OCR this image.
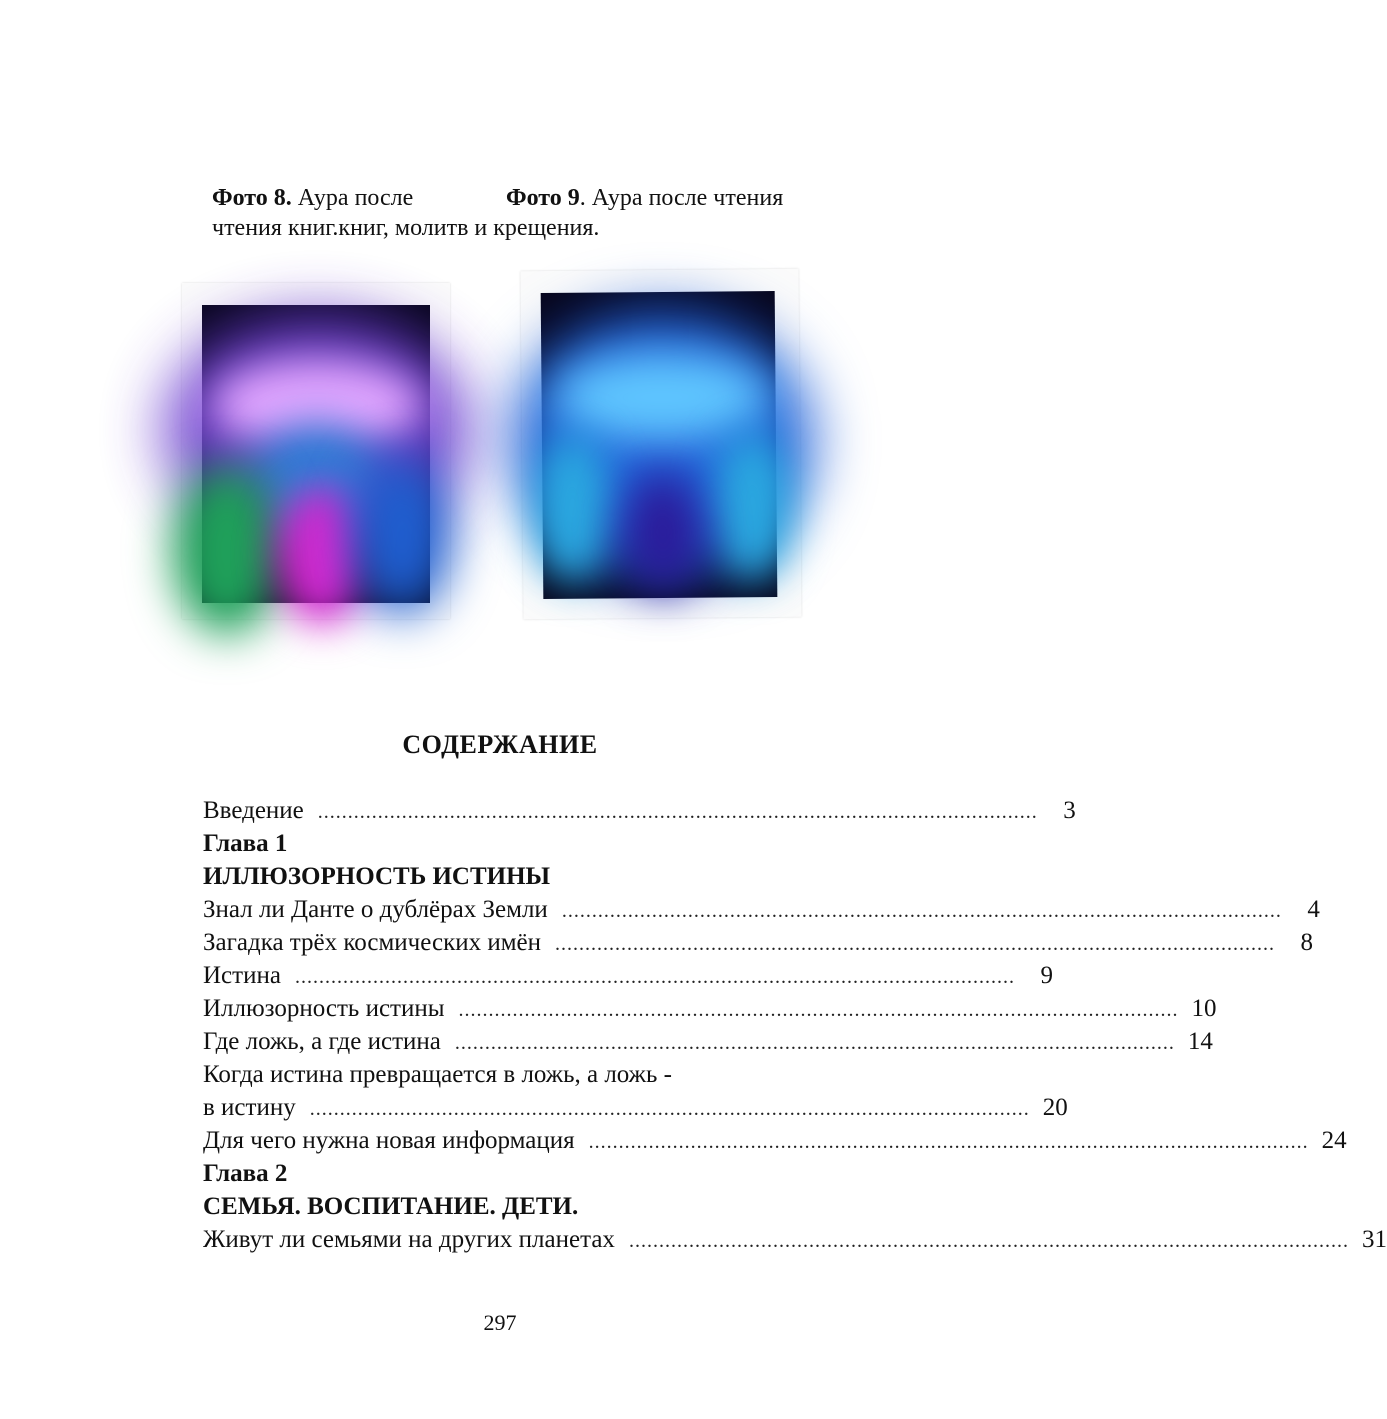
Фото 8. Аура после	Фото 9. Аура после чтения
чтения книг.книг, молитв и крещения.
СОДЕРЖАНИЕ
Введение ........................................................................................................................	3
Глава 1
ИЛЛЮЗОРНОСТЬ ИСТИНЫ
Знал ли Данте о дублёрах Земли ........................................................................................................................	4
Загадка трёх космических имён ........................................................................................................................	8
Истина ........................................................................................................................	9
Иллюзорность истины ........................................................................................................................ 10
Где ложь, а где истина ........................................................................................................................ 14
Когда истина превращается в ложь, а ложь -
в истину ........................................................................................................................ 20
Для чего нужна новая информация ........................................................................................................................ 24
Глава 2
СЕМЬЯ. ВОСПИТАНИЕ. ДЕТИ.
Живут ли семьями на других планетах ........................................................................................................................ 31
297
